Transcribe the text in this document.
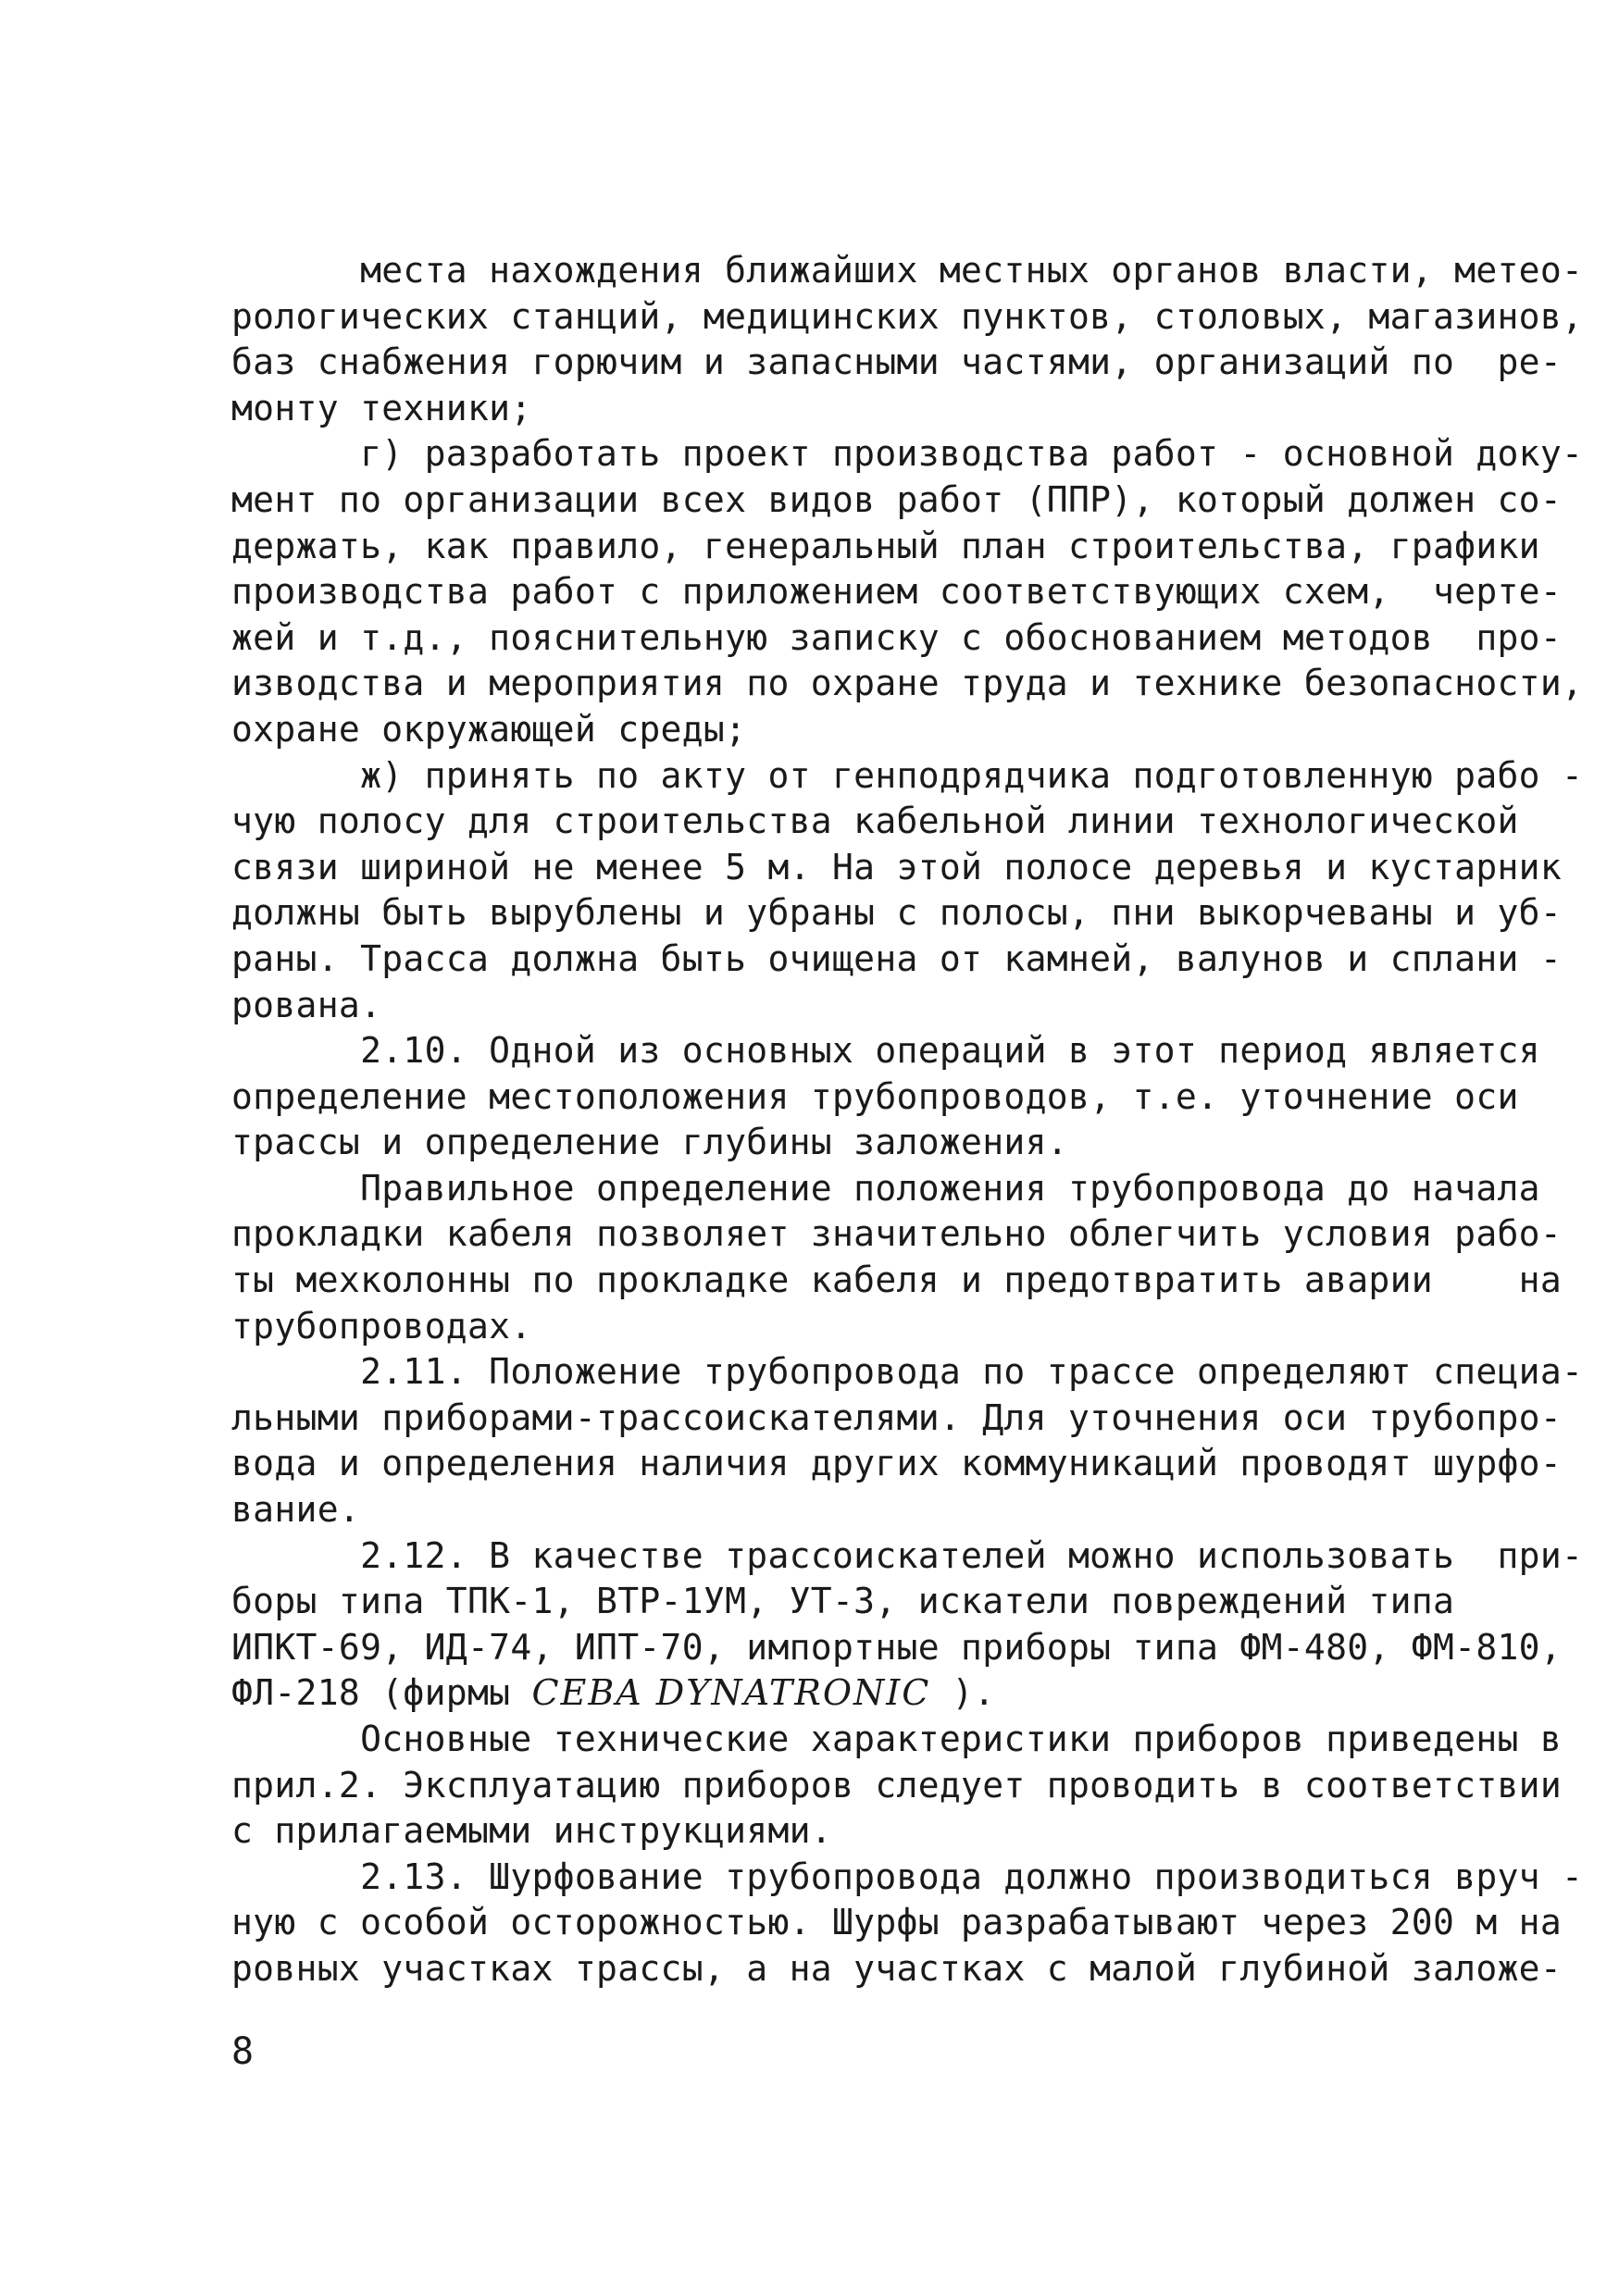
места нахождения ближайших местных органов власти, метео-
рологических станций, медицинских пунктов, столовых, магазинов,
баз снабжения горючим и запасными частями, организаций по  ре-
монту техники;
г) разработать проект производства работ - основной доку-
мент по организации всех видов работ (ППР), который должен со-
держать, как правило, генеральный план строительства, графики
производства работ с приложением соответствующих схем,  черте-
жей и т.д., пояснительную записку с обоснованием методов  про-
изводства и мероприятия по охране труда и технике безопасности,
охране окружающей среды;
ж) принять по акту от генподрядчика подготовленную рабо -
чую полосу для строительства кабельной линии технологической
связи шириной не менее 5 м. На этой полосе деревья и кустарник
должны быть вырублены и убраны с полосы, пни выкорчеваны и уб-
раны. Трасса должна быть очищена от камней, валунов и сплани -
рована.
2.10. Одной из основных операций в этот период является
определение местоположения трубопроводов, т.е. уточнение оси
трассы и определение глубины заложения.
Правильное определение положения трубопровода до начала
прокладки кабеля позволяет значительно облегчить условия рабо-
ты мехколонны по прокладке кабеля и предотвратить аварии    на
трубопроводах.
2.11. Положение трубопровода по трассе определяют специа-
льными приборами-трассоискателями. Для уточнения оси трубопро-
вода и определения наличия других коммуникаций проводят шурфо-
вание.
2.12. В качестве трассоискателей можно использовать  при-
боры типа ТПК-1, ВТР-1УМ, УТ-3, искатели повреждений типа
ИПКТ-69, ИД-74, ИПТ-70, импортные приборы типа ФМ-480, ФМ-810,
ФЛ-218 (фирмы CEBA DYNATRONIC ).
Основные технические характеристики приборов приведены в
прил.2. Эксплуатацию приборов следует проводить в соответствии
с прилагаемыми инструкциями.
2.13. Шурфование трубопровода должно производиться вруч -
ную с особой осторожностью. Шурфы разрабатывают через 200 м на
ровных участках трассы, а на участках с малой глубиной заложе-
8
